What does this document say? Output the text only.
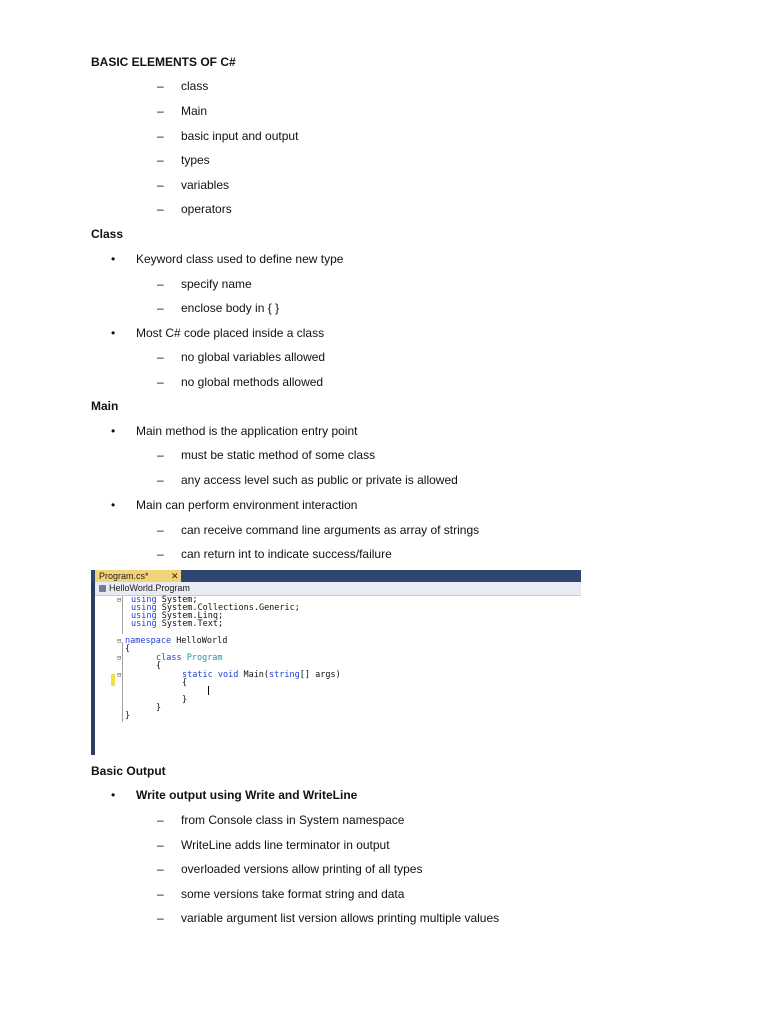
BASIC ELEMENTS OF C#
– class
– Main
– basic input and output
– types
– variables
– operators
Class
• Keyword class used to define new type
– specify name
– enclose body in { }
• Most C# code placed inside a class
– no global variables allowed
– no global methods allowed
Main
• Main method is the application entry point
– must be static method of some class
– any access level such as public or private is allowed
• Main can perform environment interaction
– can receive command line arguments as array of strings
– can return int to indicate success/failure
Program.cs* ✕
HelloWorld.Program
⊟
⊟
⊟
⊟
using System;
using System.Collections.Generic;
using System.Linq;
using System.Text;
namespace HelloWorld
{
class Program
{
static void Main(string[] args)
{
}
}
}
Basic Output
• Write output using Write and WriteLine
– from Console class in System namespace
– WriteLine adds line terminator in output
– overloaded versions allow printing of all types
– some versions take format string and data
– variable argument list version allows printing multiple values
